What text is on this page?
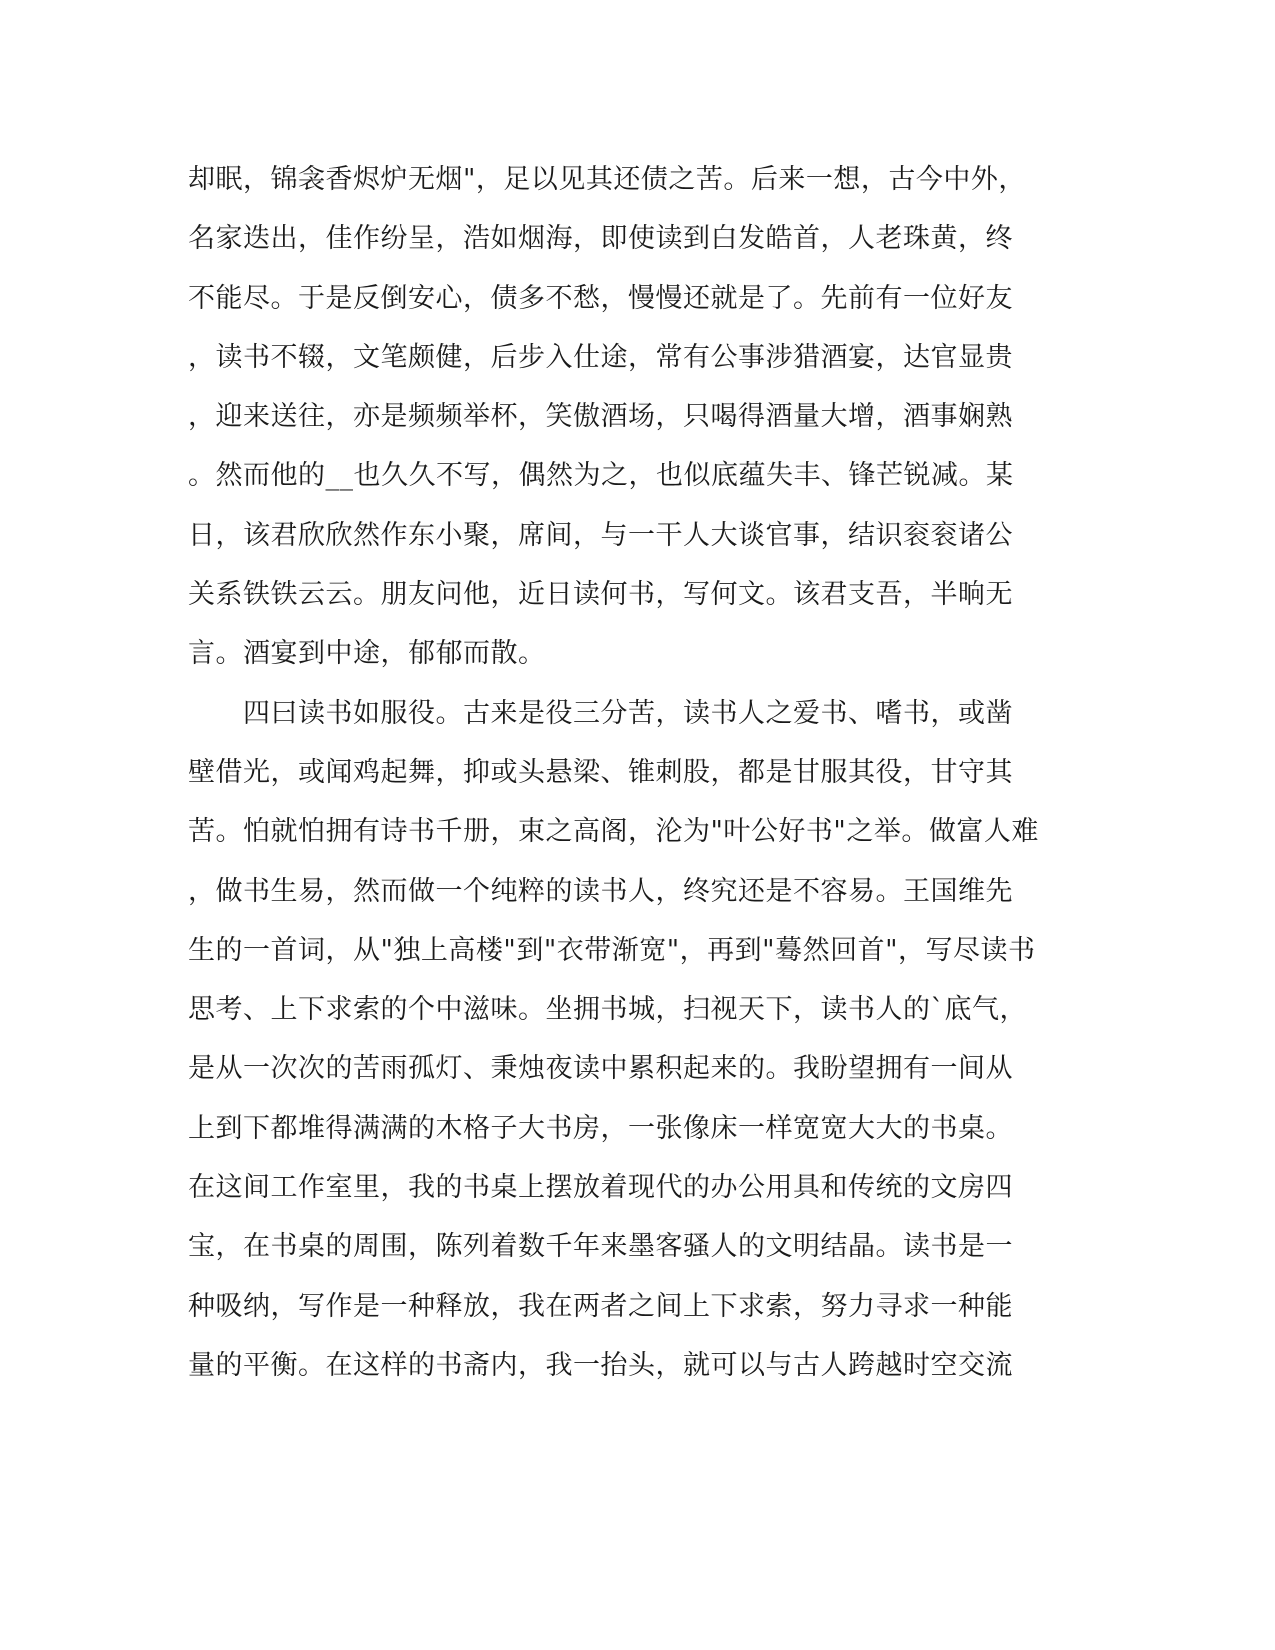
却眠，锦衾香烬炉无烟"，足以见其还债之苦。后来一想，古今中外，
名家迭出，佳作纷呈，浩如烟海，即使读到白发皓首，人老珠黄，终
不能尽。于是反倒安心，债多不愁，慢慢还就是了。先前有一位好友
，读书不辍，文笔颇健，后步入仕途，常有公事涉猎酒宴，达官显贵
，迎来送往，亦是频频举杯，笑傲酒场，只喝得酒量大增，酒事娴熟
。然而他的__也久久不写，偶然为之，也似底蕴失丰、锋芒锐减。某
日，该君欣欣然作东小聚，席间，与一干人大谈官事，结识衮衮诸公
关系铁铁云云。朋友问他，近日读何书，写何文。该君支吾，半晌无
言。酒宴到中途，郁郁而散。
　　四曰读书如服役。古来是役三分苦，读书人之爱书、嗜书，或凿
壁借光，或闻鸡起舞，抑或头悬梁、锥刺股，都是甘服其役，甘守其
苦。怕就怕拥有诗书千册，束之高阁，沦为"叶公好书"之举。做富人难
，做书生易，然而做一个纯粹的读书人，终究还是不容易。王国维先
生的一首词，从"独上高楼"到"衣带渐宽"，再到"蓦然回首"，写尽读书
思考、上下求索的个中滋味。坐拥书城，扫视天下，读书人的`底气，
是从一次次的苦雨孤灯、秉烛夜读中累积起来的。我盼望拥有一间从
上到下都堆得满满的木格子大书房，一张像床一样宽宽大大的书桌。
在这间工作室里，我的书桌上摆放着现代的办公用具和传统的文房四
宝，在书桌的周围，陈列着数千年来墨客骚人的文明结晶。读书是一
种吸纳，写作是一种释放，我在两者之间上下求索，努力寻求一种能
量的平衡。在这样的书斋内，我一抬头，就可以与古人跨越时空交流
